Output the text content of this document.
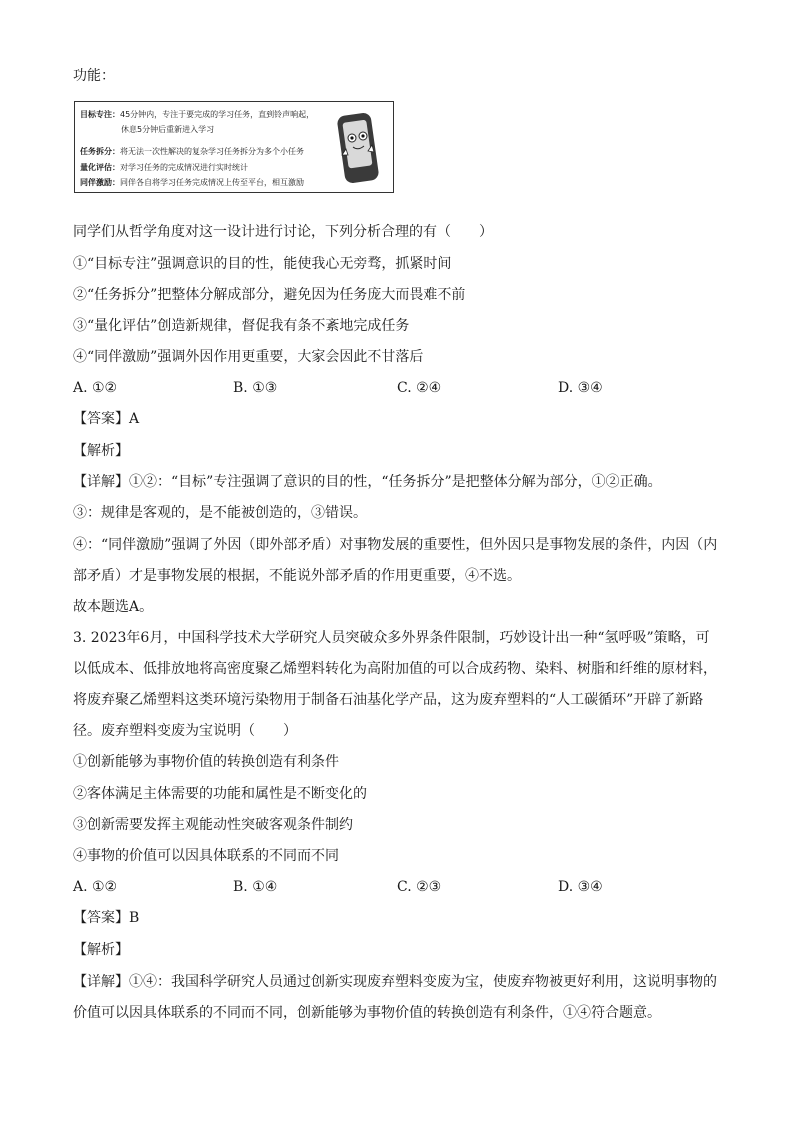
功能：
目标专注：45分钟内，专注于要完成的学习任务，直到铃声响起，
休息5分钟后重新进入学习
任务拆分：将无法一次性解决的复杂学习任务拆分为多个小任务
量化评估：对学习任务的完成情况进行实时统计
同伴激励：同伴各自将学习任务完成情况上传至平台，相互激励
同学们从哲学角度对这一设计进行讨论，下列分析合理的有（　　）
①“目标专注”强调意识的目的性，能使我心无旁骛，抓紧时间
②“任务拆分”把整体分解成部分，避免因为任务庞大而畏难不前
③“量化评估”创造新规律，督促我有条不紊地完成任务
④“同伴激励”强调外因作用更重要，大家会因此不甘落后
A. ①②	B. ①③	C. ②④	D. ③④
【答案】A
【解析】
【详解】①②：“目标”专注强调了意识的目的性，“任务拆分”是把整体分解为部分，①②正确。
③：规律是客观的，是不能被创造的，③错误。
④：“同伴激励”强调了外因（即外部矛盾）对事物发展的重要性，但外因只是事物发展的条件，内因（内
部矛盾）才是事物发展的根据，不能说外部矛盾的作用更重要，④不选。
故本题选A。
3. 2023年6月，中国科学技术大学研究人员突破众多外界条件限制，巧妙设计出一种“氢呼吸”策略，可
以低成本、低排放地将高密度聚乙烯塑料转化为高附加值的可以合成药物、染料、树脂和纤维的原材料，
将废弃聚乙烯塑料这类环境污染物用于制备石油基化学产品，这为废弃塑料的“人工碳循环”开辟了新路
径。废弃塑料变废为宝说明（　　）
①创新能够为事物价值的转换创造有利条件
②客体满足主体需要的功能和属性是不断变化的
③创新需要发挥主观能动性突破客观条件制约
④事物的价值可以因具体联系的不同而不同
A. ①②	B. ①④	C. ②③	D. ③④
【答案】B
【解析】
【详解】①④：我国科学研究人员通过创新实现废弃塑料变废为宝，使废弃物被更好利用，这说明事物的
价值可以因具体联系的不同而不同，创新能够为事物价值的转换创造有利条件，①④符合题意。
